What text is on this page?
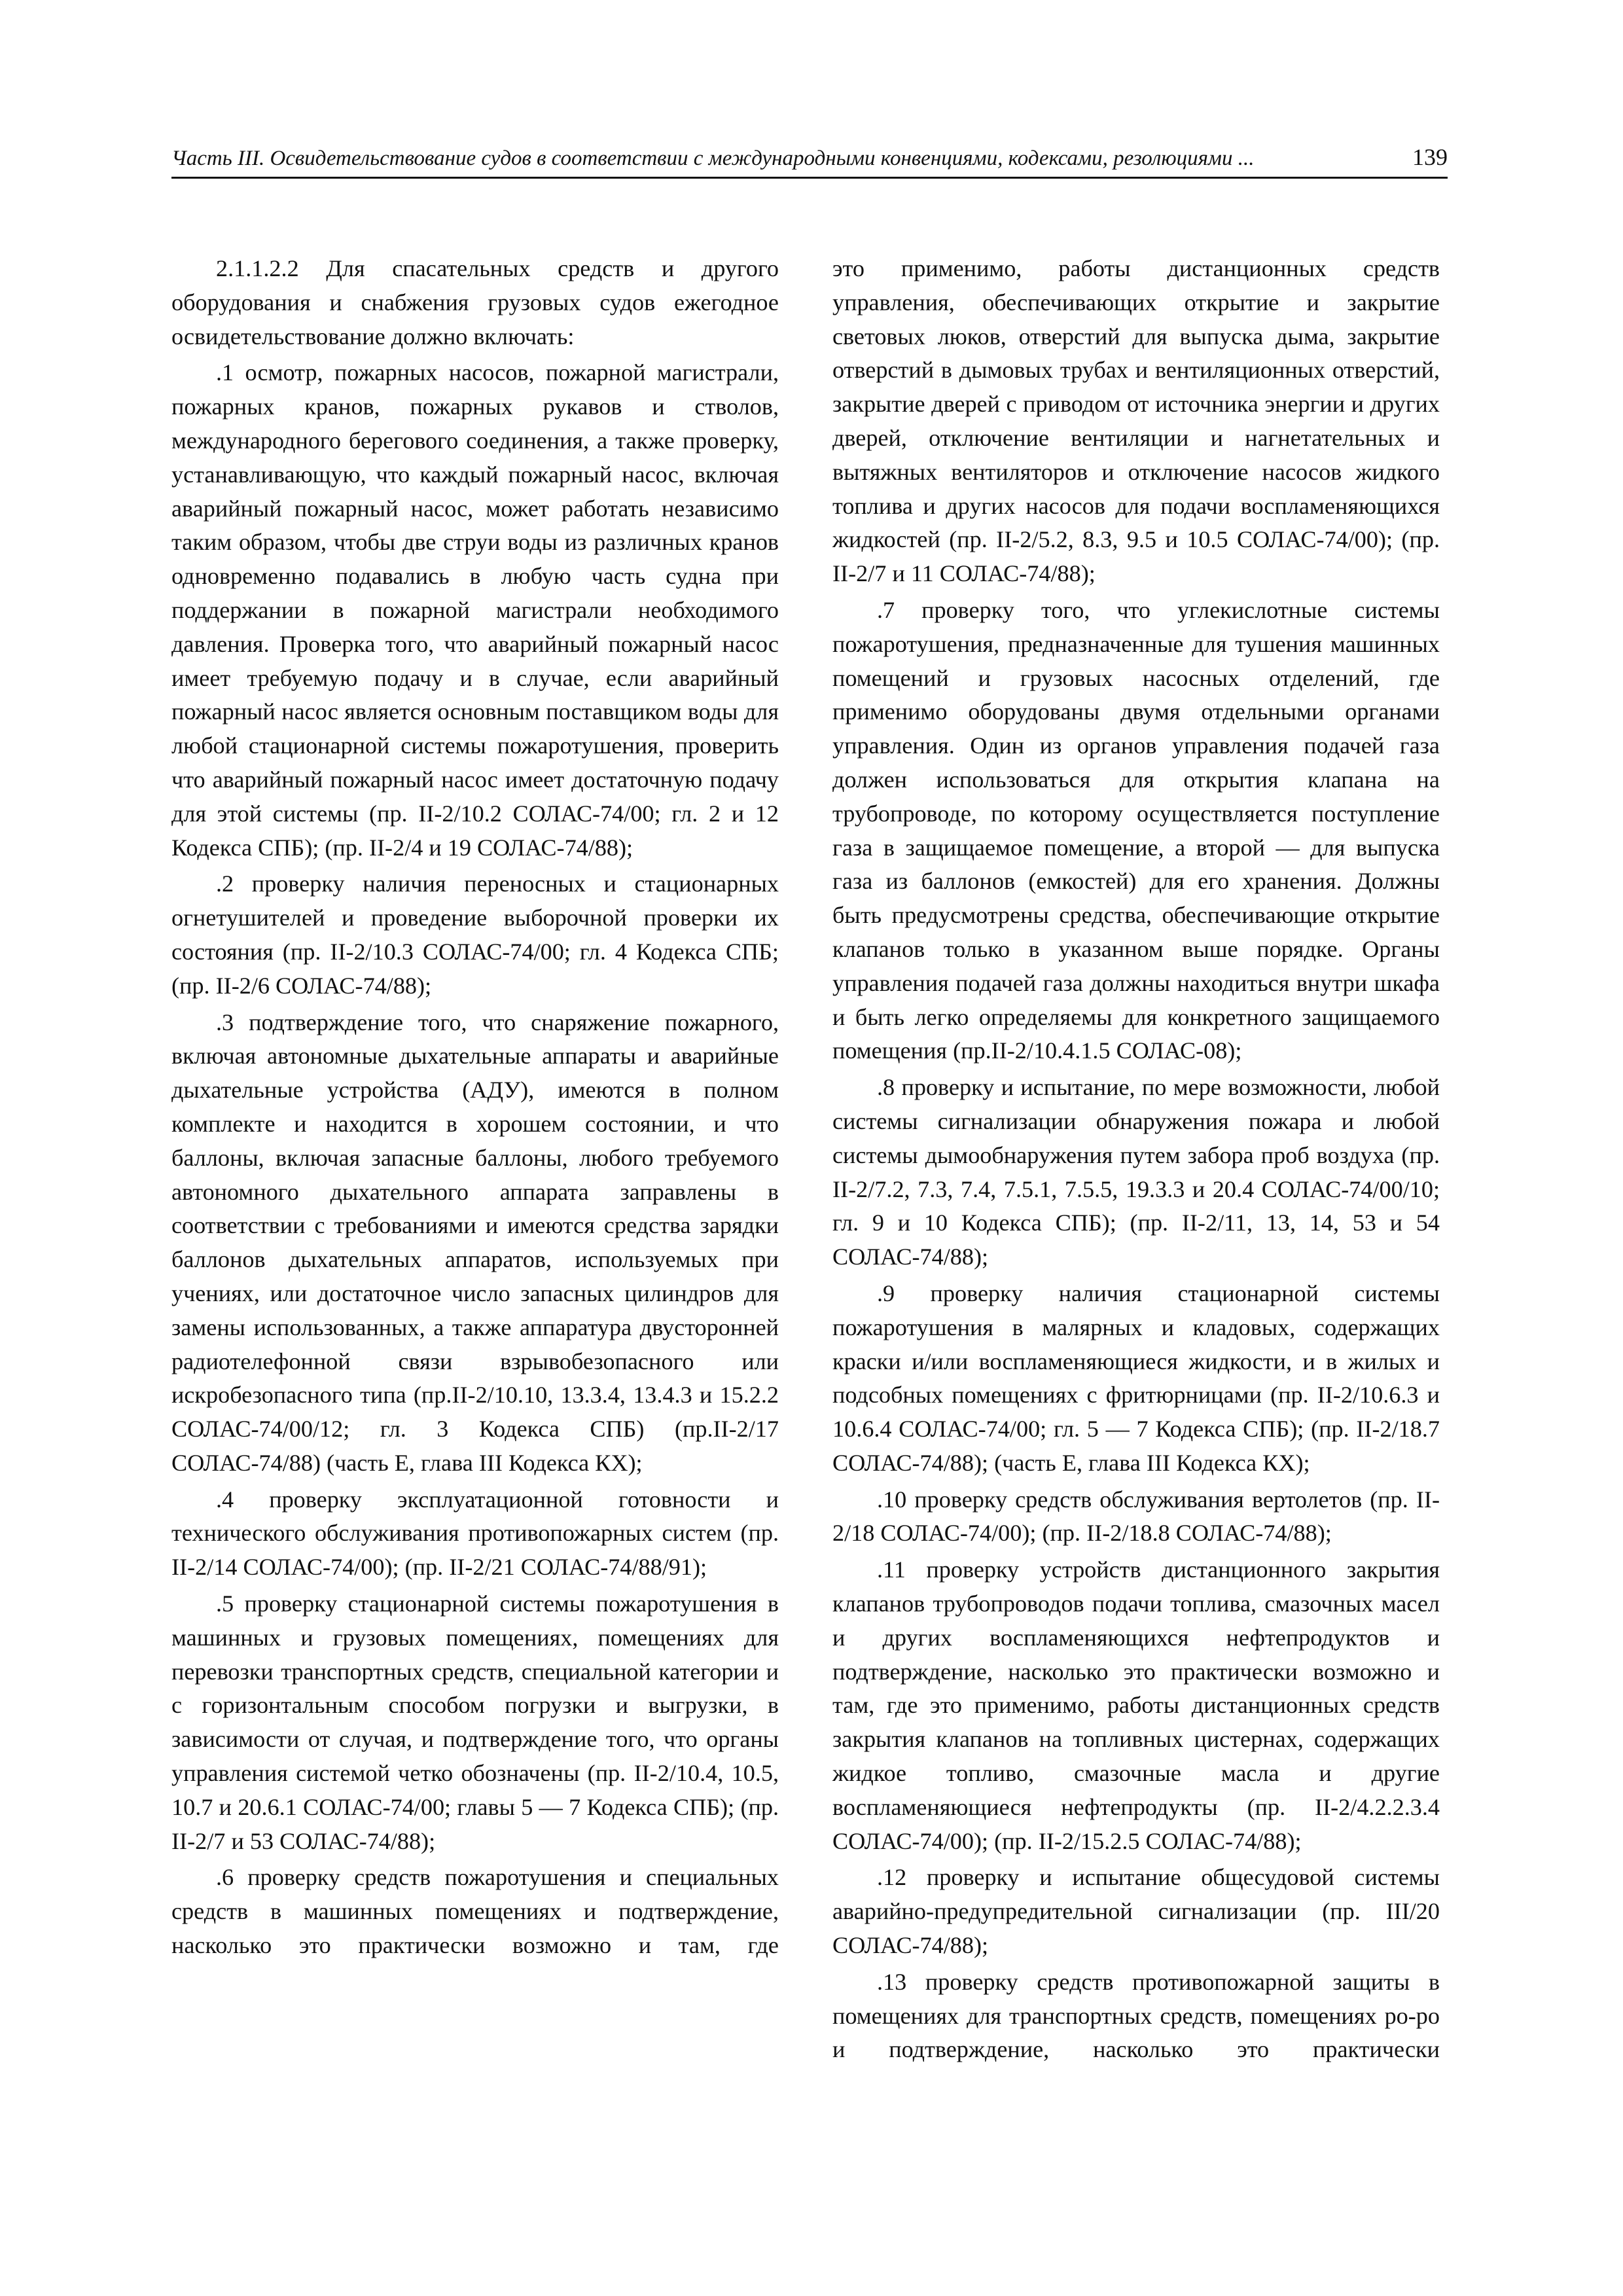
Часть III. Освидетельствование судов в соответствии с международными конвенциями, кодексами, резолюциями ...	139

2.1.1.2.2 Для спасательных средств и другого оборудования и снабжения грузовых судов ежегодное освидетельствование должно включать:

.1 осмотр, пожарных насосов, пожарной магистрали, пожарных кранов, пожарных рукавов и стволов, международного берегового соединения, а также проверку, устанавливающую, что каждый пожарный насос, включая аварийный пожарный насос, может работать независимо таким образом, чтобы две струи воды из различных кранов одновременно подавались в любую часть судна при поддержании в пожарной магистрали необходимого давления. Проверка того, что аварийный пожарный насос имеет требуемую подачу и в случае, если аварийный пожарный насос является основным поставщиком воды для любой стационарной системы пожаротушения, проверить что аварийный пожарный насос имеет достаточную подачу для этой системы (пр. II-2/10.2 СОЛАС-74/00; гл. 2 и 12 Кодекса СПБ); (пр. II-2/4 и 19 СОЛАС-74/88);

.2 проверку наличия переносных и стационарных огнетушителей и проведение выборочной проверки их состояния (пр. II-2/10.3 СОЛАС-74/00; гл. 4 Кодекса СПБ; (пр. II-2/6 СОЛАС-74/88);

.3 подтверждение того, что снаряжение пожарного, включая автономные дыхательные аппараты и аварийные дыхательные устройства (АДУ), имеются в полном комплекте и находится в хорошем состоянии, и что баллоны, включая запасные баллоны, любого требуемого автономного дыхательного аппарата заправлены в соответствии с требованиями и имеются средства зарядки баллонов дыхательных аппаратов, используемых при учениях, или достаточное число запасных цилиндров для замены использованных, а также аппаратура двусторонней радиотелефонной связи взрывобезопасного или искробезопасного типа (пр.II-2/10.10, 13.3.4, 13.4.3 и 15.2.2 СОЛАС-74/00/12; гл. 3 Кодекса СПБ) (пр.II-2/17 СОЛАС-74/88) (часть Е, глава III Кодекса КХ);

.4 проверку эксплуатационной готовности и технического обслуживания противопожарных систем (пр. II-2/14 СОЛАС-74/00); (пр. II-2/21 СОЛАС-74/88/91);

.5 проверку стационарной системы пожаротушения в машинных и грузовых помещениях, помещениях для перевозки транспортных средств, специальной категории и с горизонтальным способом погрузки и выгрузки, в зависимости от случая, и подтверждение того, что органы управления системой четко обозначены (пр. II-2/10.4, 10.5, 10.7 и 20.6.1 СОЛАС-74/00; главы 5 — 7 Кодекса СПБ); (пр. II-2/7 и 53 СОЛАС-74/88);

.6 проверку средств пожаротушения и специальных средств в машинных помещениях и подтверждение, насколько это практически возможно и там, где

это применимо, работы дистанционных средств управления, обеспечивающих открытие и закрытие световых люков, отверстий для выпуска дыма, закрытие отверстий в дымовых трубах и вентиляционных отверстий, закрытие дверей с приводом от источника энергии и других дверей, отключение вентиляции и нагнетательных и вытяжных вентиляторов и отключение насосов жидкого топлива и других насосов для подачи воспламеняющихся жидкостей (пр. II-2/5.2, 8.3, 9.5 и 10.5 СОЛАС-74/00); (пр. II-2/7 и 11 СОЛАС-74/88);

.7 проверку того, что углекислотные системы пожаротушения, предназначенные для тушения машинных помещений и грузовых насосных отделений, где применимо оборудованы двумя отдельными органами управления. Один из органов управления подачей газа должен использоваться для открытия клапана на трубопроводе, по которому осуществляется поступление газа в защищаемое помещение, а второй — для выпуска газа из баллонов (емкостей) для его хранения. Должны быть предусмотрены средства, обеспечивающие открытие клапанов только в указанном выше порядке. Органы управления подачей газа должны находиться внутри шкафа и быть легко определяемы для конкретного защищаемого помещения (пр.II-2/10.4.1.5 СОЛАС-08);

.8 проверку и испытание, по мере возможности, любой системы сигнализации обнаружения пожара и любой системы дымообнаружения путем забора проб воздуха (пр. II-2/7.2, 7.3, 7.4, 7.5.1, 7.5.5, 19.3.3 и 20.4 СОЛАС-74/00/10; гл. 9 и 10 Кодекса СПБ); (пр. II-2/11, 13, 14, 53 и 54 СОЛАС-74/88);

.9 проверку наличия стационарной системы пожаротушения в малярных и кладовых, содержащих краски и/или воспламеняющиеся жидкости, и в жилых и подсобных помещениях с фритюрницами (пр. II-2/10.6.3 и 10.6.4 СОЛАС-74/00; гл. 5 — 7 Кодекса СПБ); (пр. II-2/18.7 СОЛАС-74/88); (часть Е, глава III Кодекса КХ);

.10 проверку средств обслуживания вертолетов (пр. II-2/18 СОЛАС-74/00); (пр. II-2/18.8 СОЛАС-74/88);

.11 проверку устройств дистанционного закрытия клапанов трубопроводов подачи топлива, смазочных масел и других воспламеняющихся нефтепродуктов и подтверждение, насколько это практически возможно и там, где это применимо, работы дистанционных средств закрытия клапанов на топливных цистернах, содержащих жидкое топливо, смазочные масла и другие воспламеняющиеся нефтепродукты (пр. II-2/4.2.2.3.4 СОЛАС-74/00); (пр. II-2/15.2.5 СОЛАС-74/88);

.12 проверку и испытание общесудовой системы аварийно-предупредительной сигнализации (пр. III/20 СОЛАС-74/88);

.13 проверку средств противопожарной защиты в помещениях для транспортных средств, помещениях ро-ро и подтверждение, насколько это практически
